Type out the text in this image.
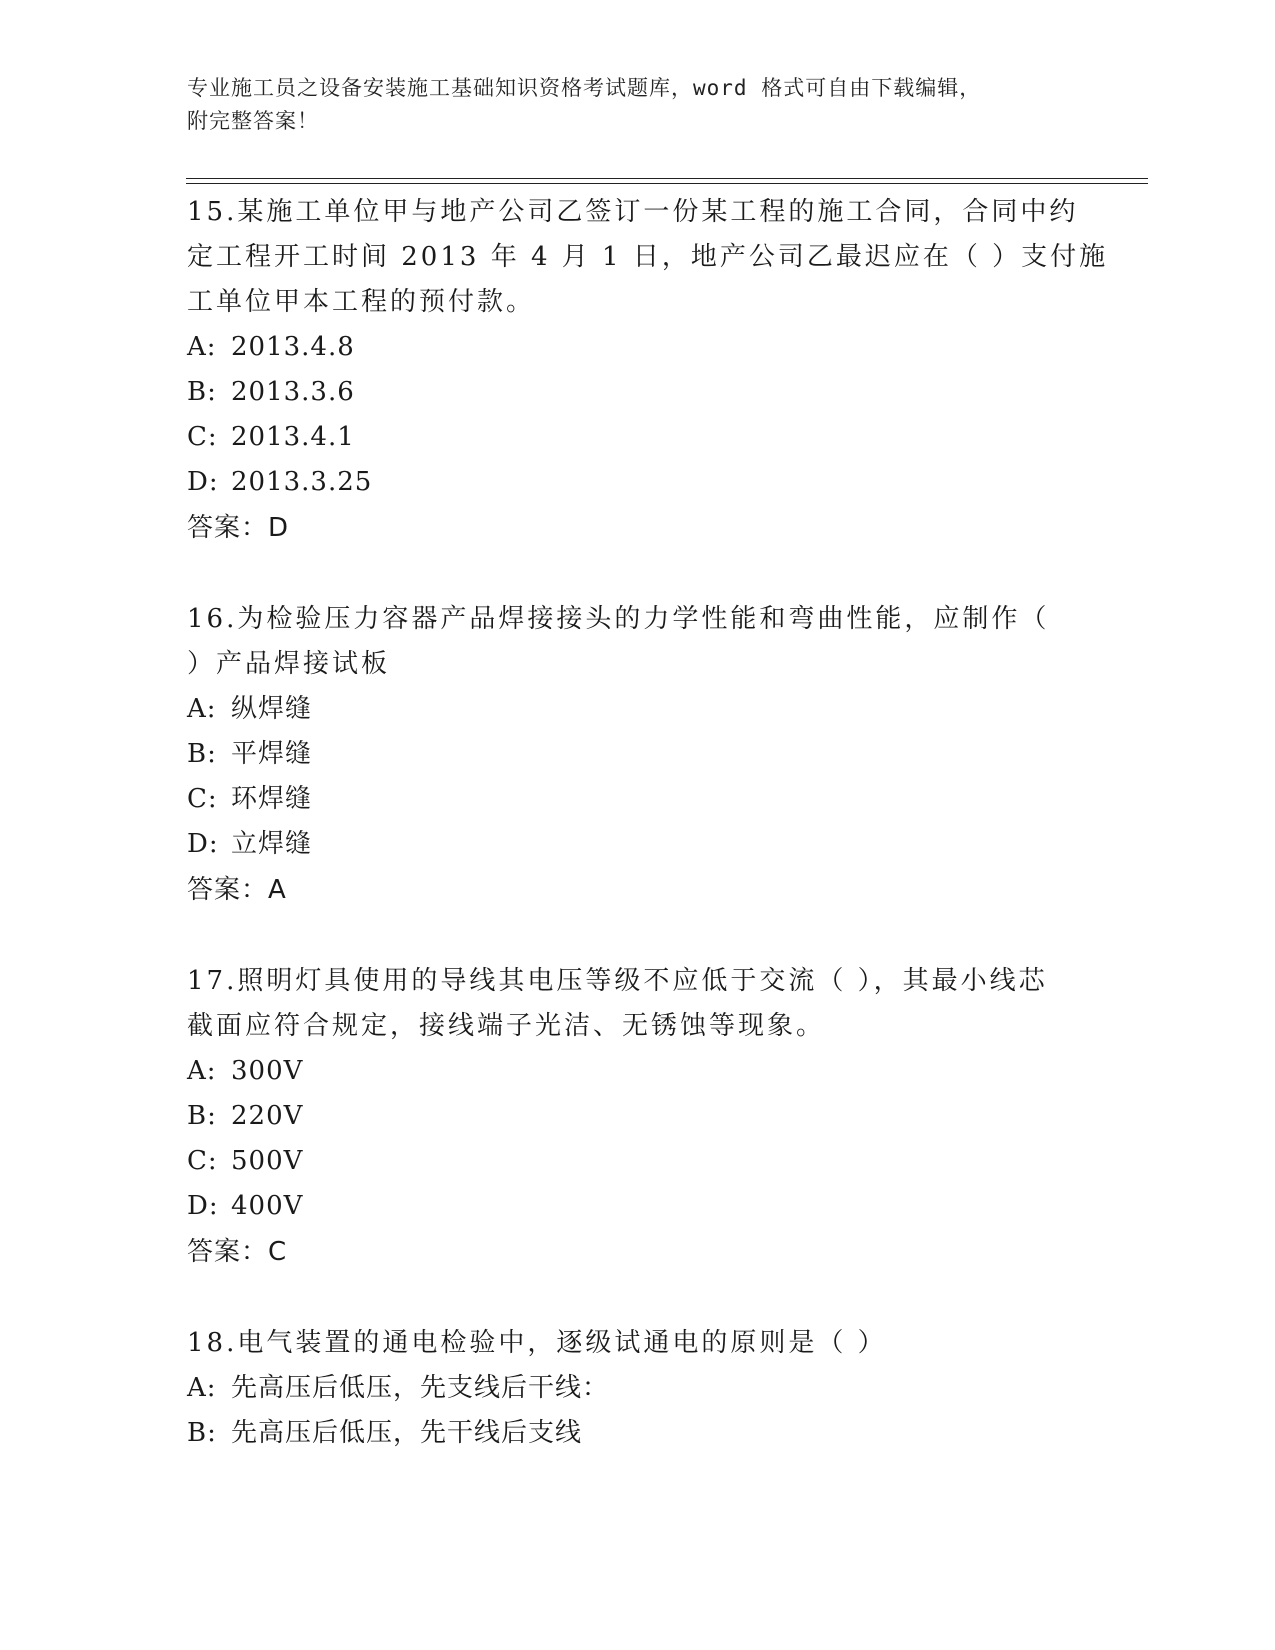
专业施工员之设备安装施工基础知识资格考试题库，word 格式可自由下载编辑，
附完整答案！

15.某施工单位甲与地产公司乙签订一份某工程的施工合同，合同中约
定工程开工时间 2013 年 4 月 1 日，地产公司乙最迟应在（ ）支付施
工单位甲本工程的预付款。

A: 2013.4.8

B: 2013.3.6

C: 2013.4.1

D: 2013.3.25

答案：D

16.为检验压力容器产品焊接接头的力学性能和弯曲性能，应制作（
）产品焊接试板

A: 纵焊缝

B: 平焊缝

C: 环焊缝

D: 立焊缝

答案：A

17.照明灯具使用的导线其电压等级不应低于交流（ ），其最小线芯
截面应符合规定，接线端子光洁、无锈蚀等现象。

A: 300V

B: 220V

C: 500V

D: 400V

答案：C

18.电气装置的通电检验中，逐级试通电的原则是（ ）

A: 先高压后低压，先支线后干线：

B: 先高压后低压，先干线后支线
